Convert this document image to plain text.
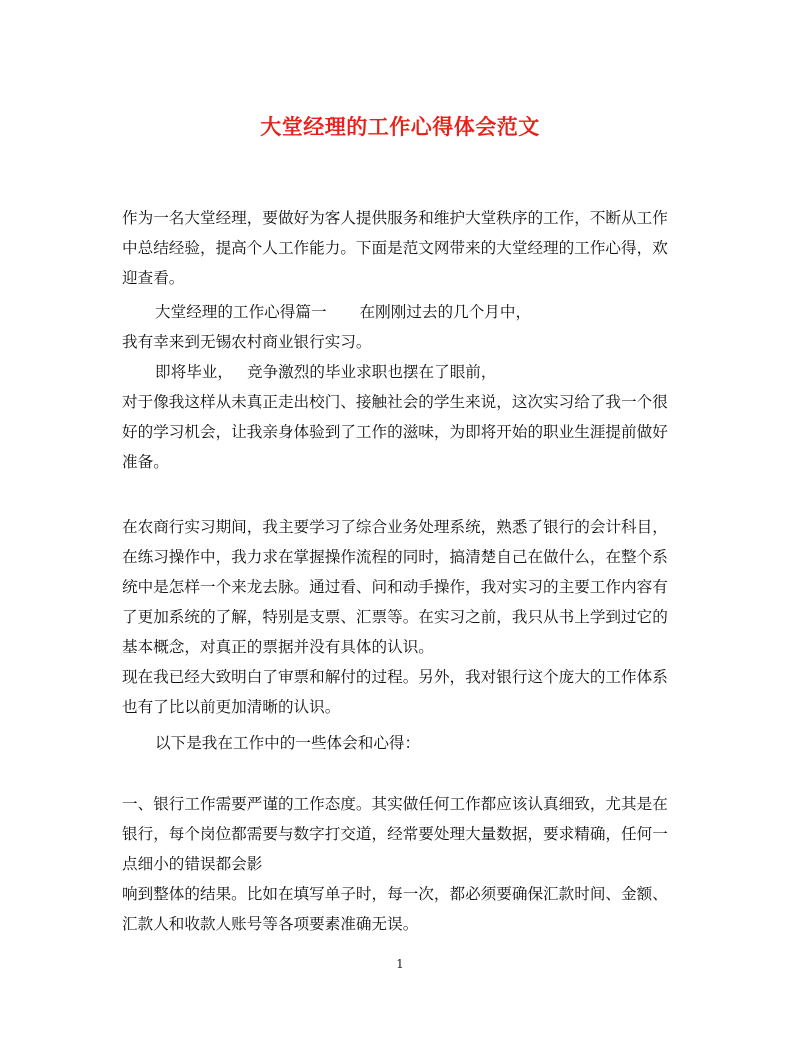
大堂经理的工作心得体会范文
作为一名大堂经理，要做好为客人提供服务和维护大堂秩序的工作，不断从工作
中总结经验，提高个人工作能力。下面是范文网带来的大堂经理的工作心得，欢
迎查看。
大堂经理的工作心得篇一 在刚刚过去的几个月中，
我有幸来到无锡农村商业银行实习。
即将毕业， 竞争激烈的毕业求职也摆在了眼前，
对于像我这样从未真正走出校门、接触社会的学生来说，这次实习给了我一个很
好的学习机会，让我亲身体验到了工作的滋味，为即将开始的职业生涯提前做好
准备。
在农商行实习期间，我主要学习了综合业务处理系统，熟悉了银行的会计科目，
在练习操作中，我力求在掌握操作流程的同时，搞清楚自己在做什么，在整个系
统中是怎样一个来龙去脉。通过看、问和动手操作，我对实习的主要工作内容有
了更加系统的了解，特别是支票、汇票等。在实习之前，我只从书上学到过它的
基本概念，对真正的票据并没有具体的认识。
现在我已经大致明白了审票和解付的过程。另外，我对银行这个庞大的工作体系
也有了比以前更加清晰的认识。
以下是我在工作中的一些体会和心得：
一、银行工作需要严谨的工作态度。其实做任何工作都应该认真细致，尤其是在
银行，每个岗位都需要与数字打交道，经常要处理大量数据，要求精确，任何一
点细小的错误都会影
响到整体的结果。比如在填写单子时，每一次，都必须要确保汇款时间、金额、
汇款人和收款人账号等各项要素准确无误。
1
